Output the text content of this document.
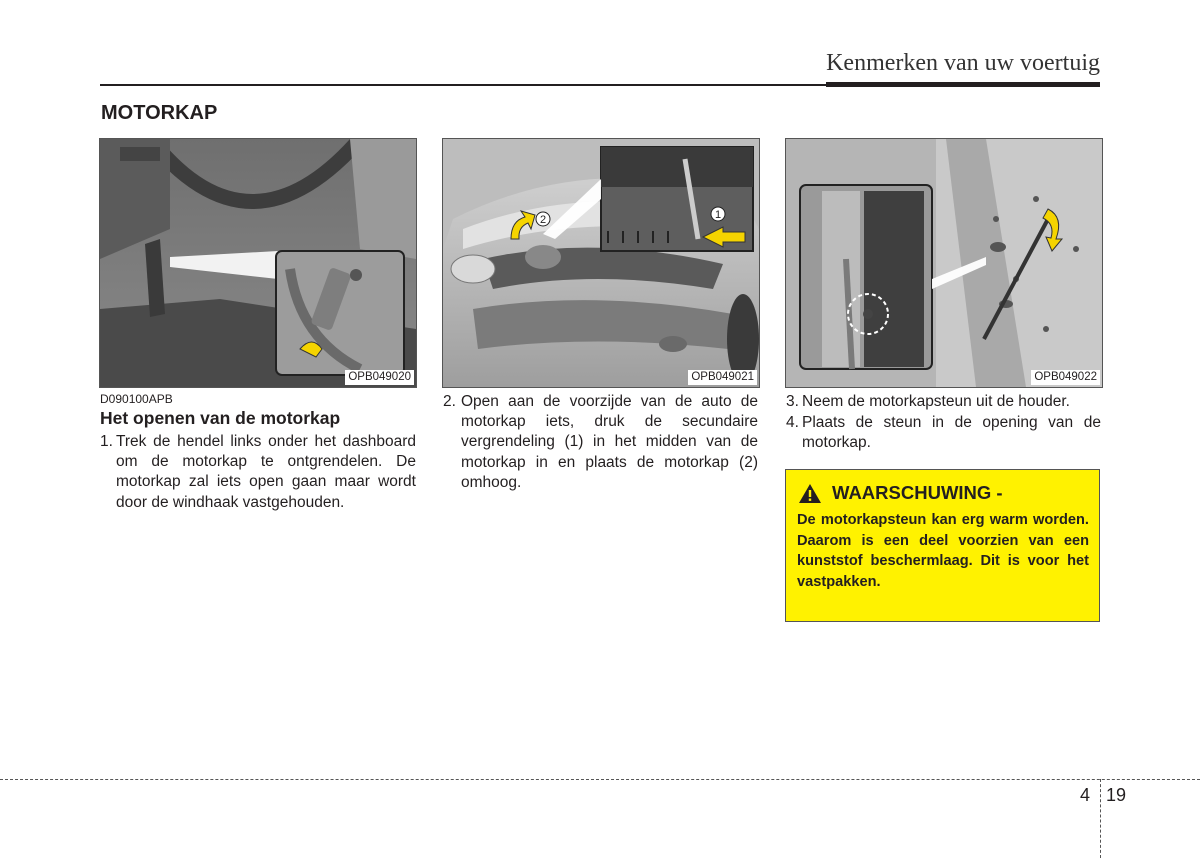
Kenmerken van uw voertuig
MOTORKAP
OPB049020
1
2
OPB049021	OPB049022
D090100APB
Het openen van de motorkap
1. Trek de hendel links onder het dashboard om de motorkap te ontgrendelen. De motorkap zal iets open gaan maar wordt door de windhaak vastgehouden.
2. Open aan de voorzijde van de auto de motorkap iets, druk de secundaire vergrendeling (1) in het midden van de motorkap in en plaats de motorkap (2) omhoog.
3. Neem de motorkapsteun uit de houder.
4. Plaats de steun in de opening van de motorkap.
WAARSCHUWING -
De motorkapsteun kan erg warm worden. Daarom is een deel voorzien van een kunststof beschermlaag. Dit is voor het vastpakken.
4 19
